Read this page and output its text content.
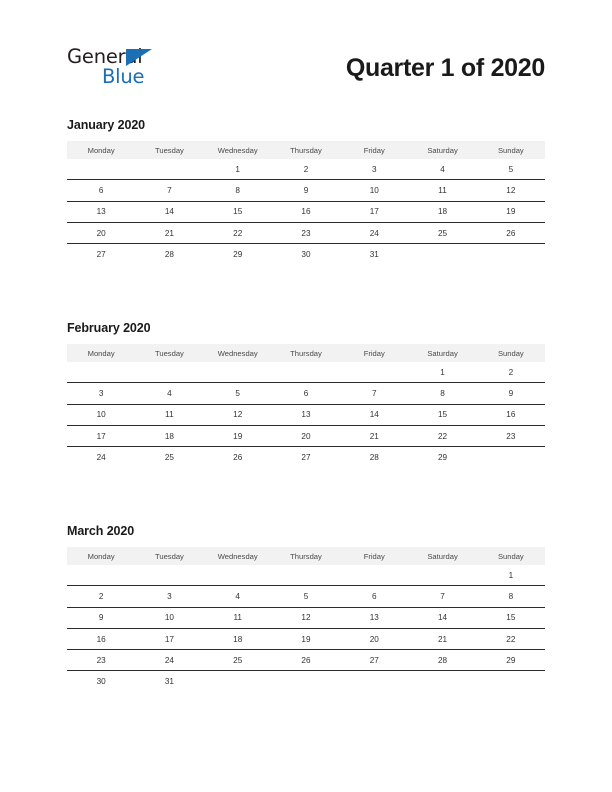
General
Blue	Quarter 1 of 2020
January 2020
Monday	Tuesday	Wednesday	Thursday	Friday	Saturday	Sunday
		1	2	3	4	5
6	7	8	9	10	11	12
13	14	15	16	17	18	19
20	21	22	23	24	25	26
27	28	29	30	31		
February 2020
Monday	Tuesday	Wednesday	Thursday	Friday	Saturday	Sunday
					1	2
3	4	5	6	7	8	9
10	11	12	13	14	15	16
17	18	19	20	21	22	23
24	25	26	27	28	29	
March 2020
Monday	Tuesday	Wednesday	Thursday	Friday	Saturday	Sunday
						1
2	3	4	5	6	7	8
9	10	11	12	13	14	15
16	17	18	19	20	21	22
23	24	25	26	27	28	29
30	31					
